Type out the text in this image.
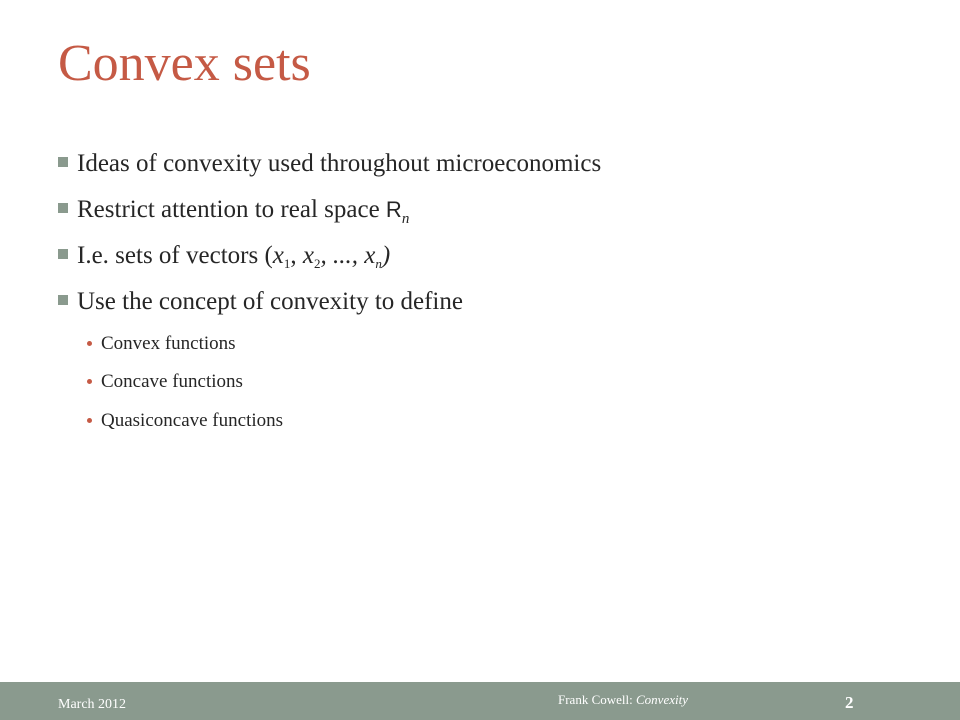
Convex sets
Ideas of convexity used throughout microeconomics
Restrict attention to real space $R_n$
I.e. sets of vectors ($x_1$, $x_2$, ..., $x_n$)
Use the concept of convexity to define
Convex functions
Concave functions
Quasiconcave functions
March 2012	Frank Cowell: Convexity	2
